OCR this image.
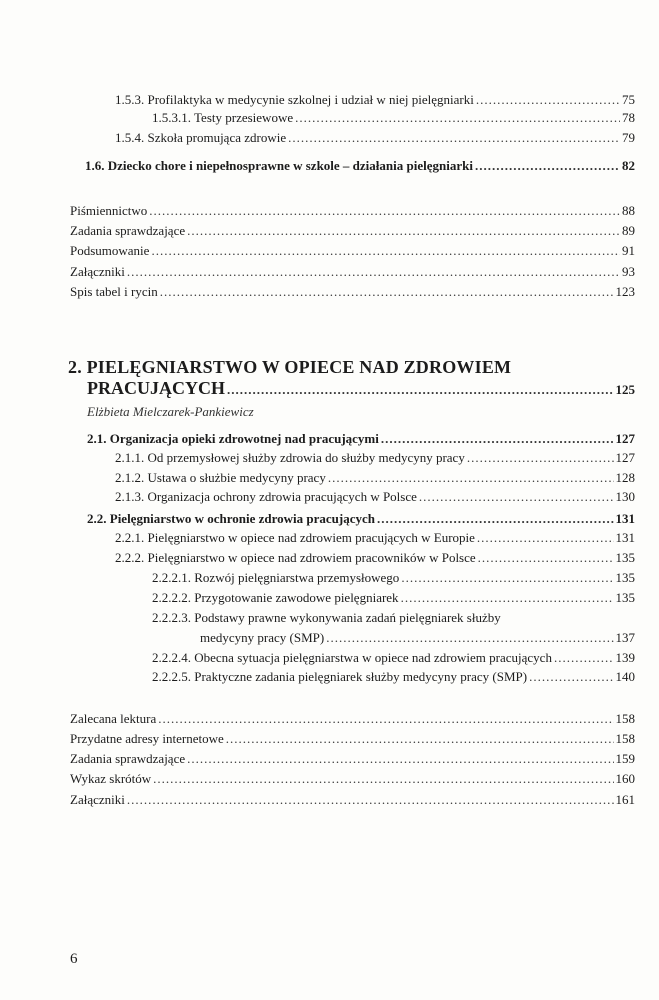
1.5.3. Profilaktyka w medycynie szkolnej i udział w niej pielęgniarki .....	75
1.5.3.1. Testy przesiewowe .....	78
1.5.4. Szkoła promująca zdrowie .....	79
1.6. Dziecko chore i niepełnosprawne w szkole – działania pielęgniarki .....	82
Piśmiennictwo .....	88
Zadania sprawdzające .....	89
Podsumowanie .....	91
Załączniki .....	93
Spis tabel i rycin .....	123
2. PIELĘGNIARSTWO W OPIECE NAD ZDROWIEM
PRACUJĄCYCH .....	125
Elżbieta Mielczarek-Pankiewicz
2.1. Organizacja opieki zdrowotnej nad pracującymi .....	127
2.1.1. Od przemysłowej służby zdrowia do służby medycyny pracy .....	127
2.1.2. Ustawa o służbie medycyny pracy .....	128
2.1.3. Organizacja ochrony zdrowia pracujących w Polsce .....	130
2.2. Pielęgniarstwo w ochronie zdrowia pracujących .....	131
2.2.1. Pielęgniarstwo w opiece nad zdrowiem pracujących w Europie .....	131
2.2.2. Pielęgniarstwo w opiece nad zdrowiem pracowników w Polsce .....	135
2.2.2.1. Rozwój pielęgniarstwa przemysłowego .....	135
2.2.2.2. Przygotowanie zawodowe pielęgniarek .....	135
2.2.2.3. Podstawy prawne wykonywania zadań pielęgniarek służby
medycyny pracy (SMP) .....	137
2.2.2.4. Obecna sytuacja pielęgniarstwa w opiece nad zdrowiem pracujących .....	139
2.2.2.5. Praktyczne zadania pielęgniarek służby medycyny pracy (SMP) .....	140
Zalecana lektura .....	158
Przydatne adresy internetowe .....	158
Zadania sprawdzające .....	159
Wykaz skrótów .....	160
Załączniki .....	161
6
